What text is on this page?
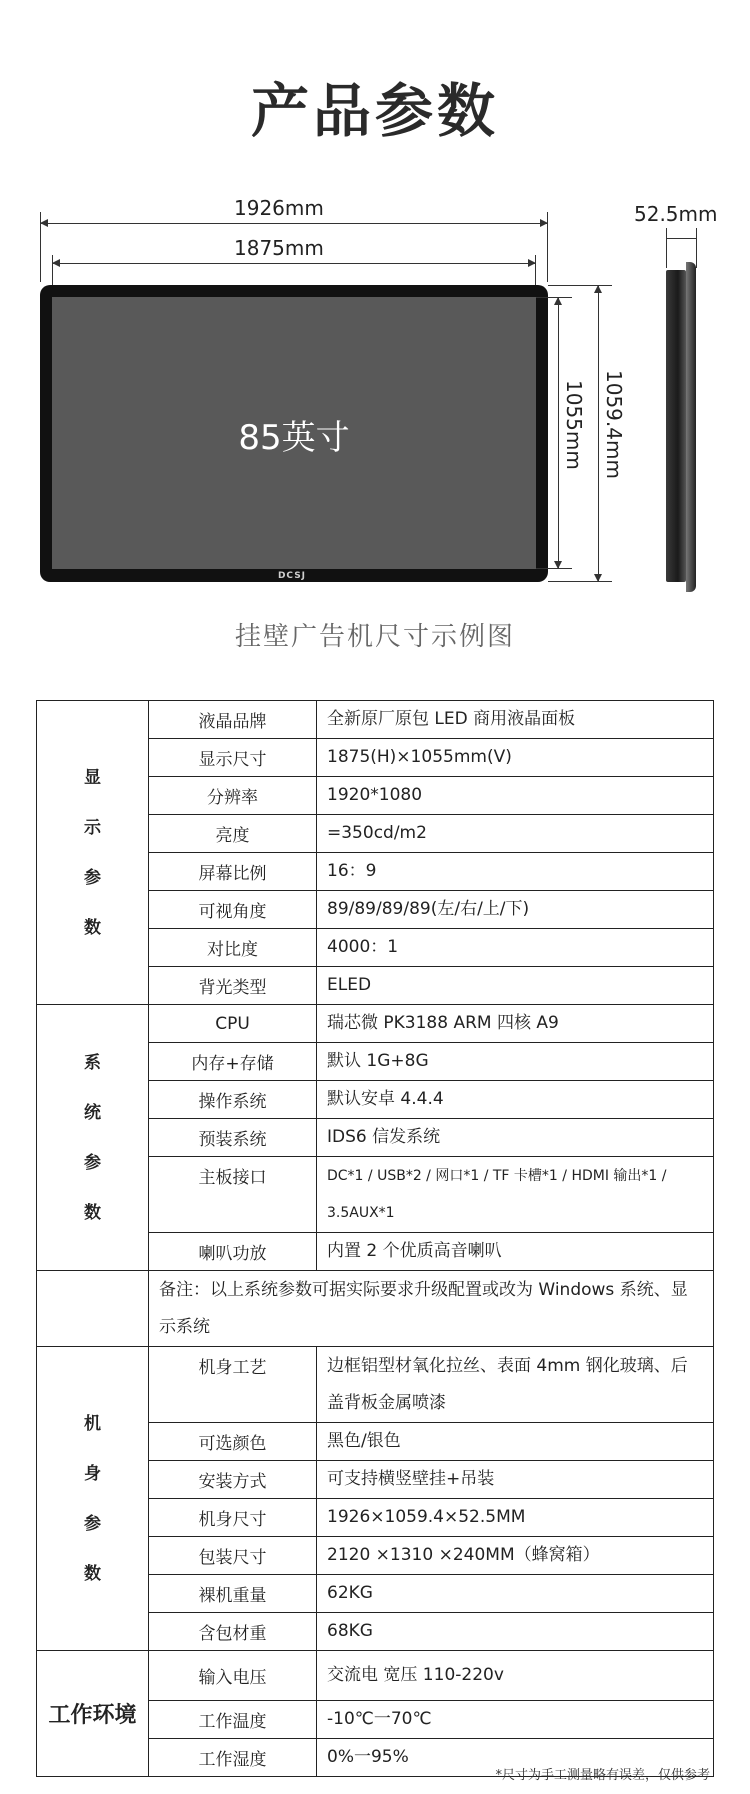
产品参数
1926mm
1875mm
52.5mm
85英寸
DCSJ
1055mm 1059.4mm
挂壁广告机尺寸示例图
显示参数	液晶品牌	全新原厂原包 LED 商用液晶面板
	显示尺寸	1875(H)×1055mm(V)
	分辨率	1920*1080
	亮度	=350cd/m2
	屏幕比例	16：9
	可视角度	89/89/89/89(左/右/上/下)
	对比度	4000：1
	背光类型	ELED
系统参数	CPU	瑞芯微 PK3188 ARM 四核 A9
	内存+存储	默认 1G+8G
	操作系统	默认安卓 4.4.4
	预装系统	IDS6 信发系统
	主板接口	DC*1 / USB*2 / 网口*1 / TF 卡槽*1 / HDMI 输出*1 / 3.5AUX*1
	喇叭功放	内置 2 个优质高音喇叭
	备注：以上系统参数可据实际要求升级配置或改为 Windows 系统、显示系统	
机身参数	机身工艺	边框铝型材氧化拉丝、表面 4mm 钢化玻璃、后盖背板金属喷漆
	可选颜色	黑色/银色
	安装方式	可支持横竖壁挂+吊装
	机身尺寸	1926×1059.4×52.5MM
	包装尺寸	2120 ×1310 ×240MM（蜂窝箱）
	裸机重量	62KG
	含包材重	68KG
工作环境	输入电压	交流电 宽压 110-220v
	工作温度	-10℃一70℃
	工作湿度	0%一95%
*尺寸为手工测量略有误差，仅供参考
